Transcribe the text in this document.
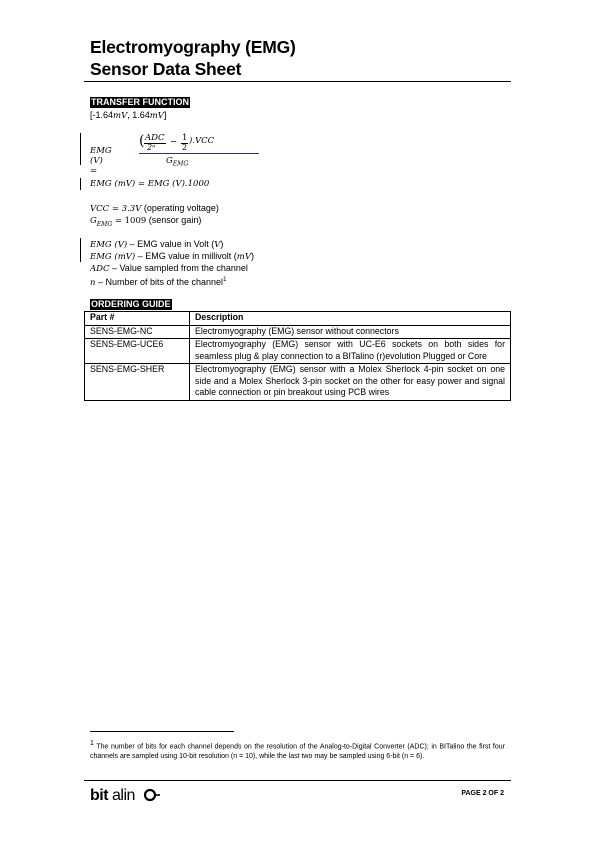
Electromyography (EMG)
Sensor Data Sheet
TRANSFER FUNCTION
[-1.64mV, 1.64mV]
EMG (V) =
( ADC
2ⁿ
− 1
2
).VCC
$G_{EMG}$
EMG (mV) = EMG (V).1000
VCC = 3.3V (operating voltage)
$G_{EMG} = 1009$ (sensor gain)
EMG (V) – EMG value in Volt (V)
EMG (mV) – EMG value in millivolt (mV)
ADC – Value sampled from the channel
n – Number of bits of the channel$^1$
ORDERING GUIDE
Part #	Description
SENS-EMG-NC	Electromyography (EMG) sensor without connectors
SENS-EMG-UCE6	Electromyography (EMG) sensor with UC-E6 sockets on both sides for seamless plug & play connection to a BITalino (r)evolution Plugged or Core
SENS-EMG-SHER	Electromyography (EMG) sensor with a Molex Sherlock 4-pin socket on one side and a Molex Sherlock 3-pin socket on the other for easy power and signal cable connection or pin breakout using PCB wires
$^1$ The number of bits for each channel depends on the resolution of the Analog-to-Digital Converter (ADC); in BITalino the first four channels are sampled using 10-bit resolution (n = 10), while the last two may be sampled using 6-bit (n = 6).
bit alin	PAGE 2 OF 2
